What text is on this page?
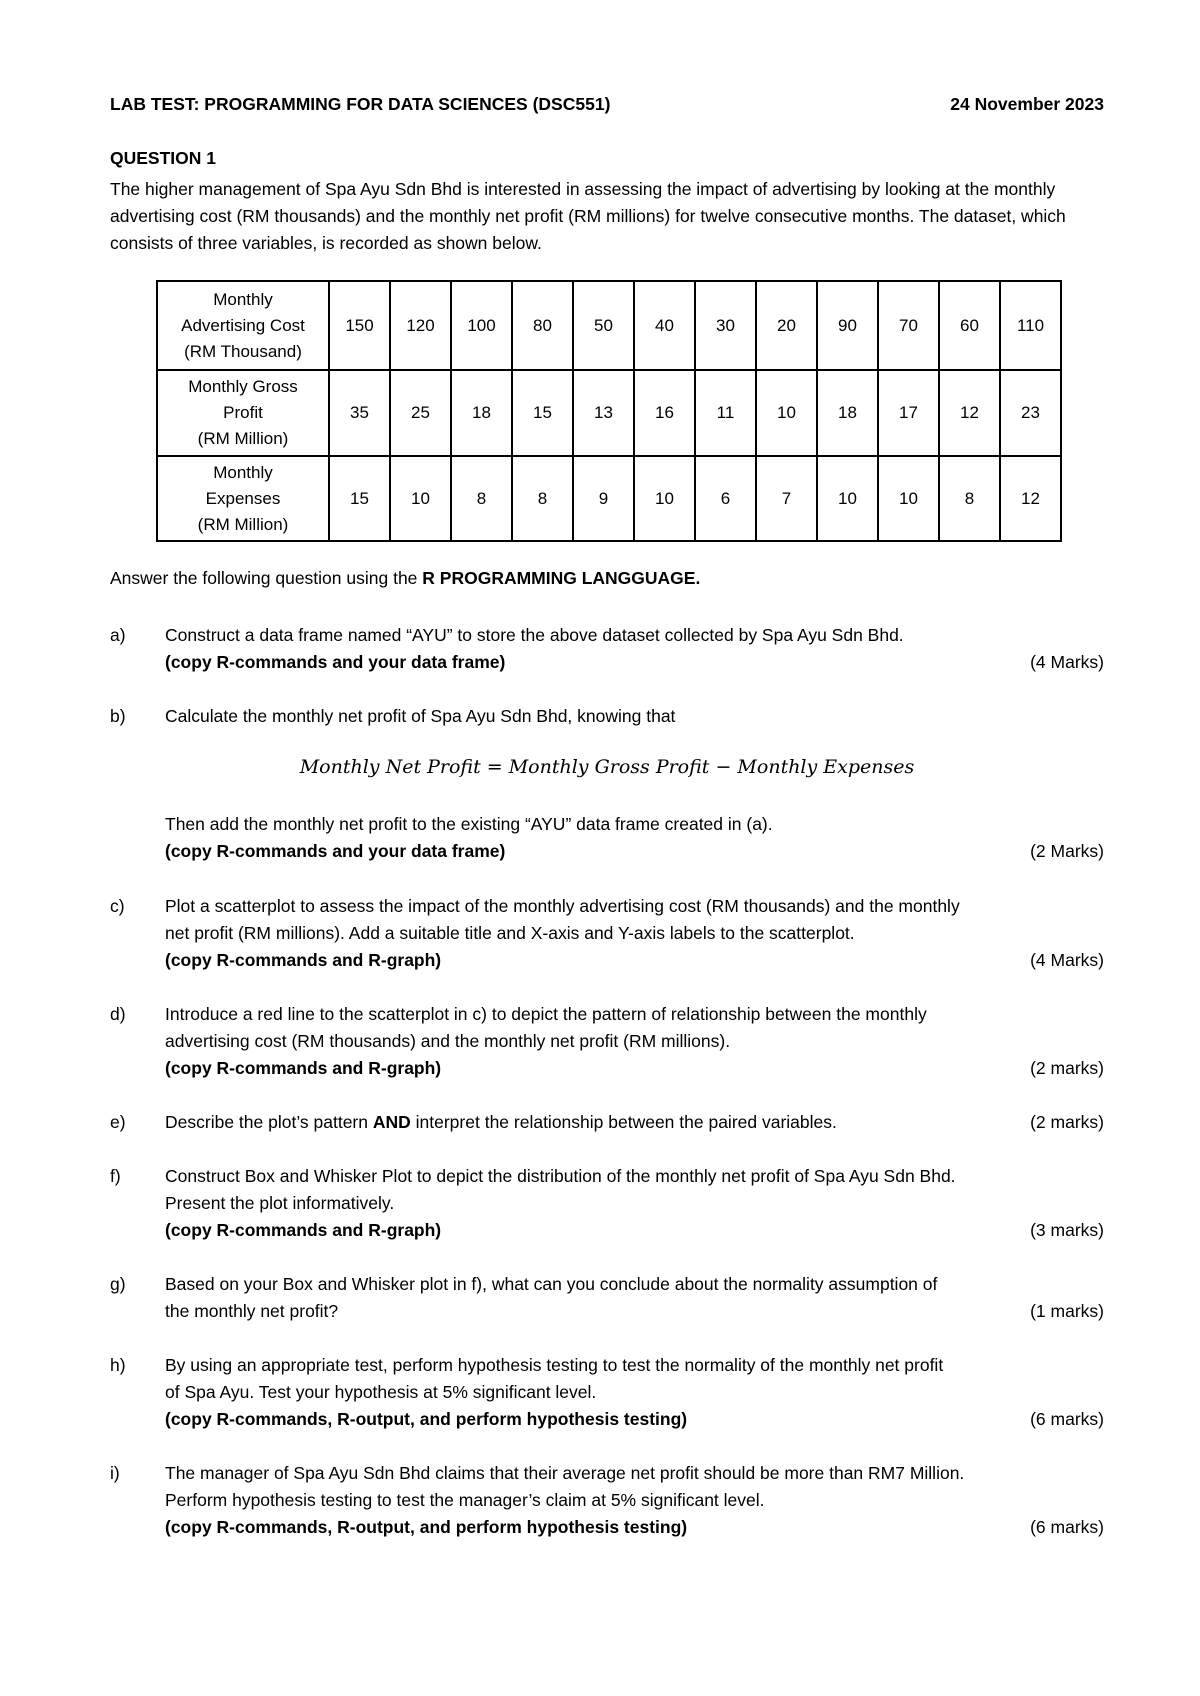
LAB TEST: PROGRAMMING FOR DATA SCIENCES (DSC551)	24 November 2023
QUESTION 1

The higher management of Spa Ayu Sdn Bhd is interested in assessing the impact of advertising by looking at the monthly advertising cost (RM thousands) and the monthly net profit (RM millions) for twelve consecutive months. The dataset, which consists of three variables, is recorded as shown below.

Monthly
Advertising Cost
(RM Thousand)	150	120	100	80	50	40	30	20	90	70	60	110

Monthly Gross
Profit
(RM Million)	35	25	18	15	13	16	11	10	18	17	12	23

Monthly
Expenses
(RM Million)	15	10	8	8	9	10	6	7	10	10	8	12
Answer the following question using the R PROGRAMMING LANGGUAGE.
a) Construct a data frame named “AYU” to store the above dataset collected by Spa Ayu Sdn Bhd.
(copy R-commands and your data frame)	(4 Marks)
b) Calculate the monthly net profit of Spa Ayu Sdn Bhd, knowing that
Monthly Net Profit = Monthly Gross Profit − Monthly Expenses
Then add the monthly net profit to the existing “AYU” data frame created in (a).
(copy R-commands and your data frame)	(2 Marks)
c) Plot a scatterplot to assess the impact of the monthly advertising cost (RM thousands) and the monthly
net profit (RM millions). Add a suitable title and X-axis and Y-axis labels to the scatterplot.
(copy R-commands and R-graph)	(4 Marks)
d) Introduce a red line to the scatterplot in c) to depict the pattern of relationship between the monthly
advertising cost (RM thousands) and the monthly net profit (RM millions).
(copy R-commands and R-graph)	(2 marks)
e) Describe the plot’s pattern AND interpret the relationship between the paired variables.	(2 marks)
f)	Construct Box and Whisker Plot to depict the distribution of the monthly net profit of Spa Ayu Sdn Bhd.
Present the plot informatively.
(copy R-commands and R-graph)	(3 marks)
g) Based on your Box and Whisker plot in f), what can you conclude about the normality assumption of
the monthly net profit?	(1 marks)
h) By using an appropriate test, perform hypothesis testing to test the normality of the monthly net profit
of Spa Ayu. Test your hypothesis at 5% significant level.
(copy R-commands, R-output, and perform hypothesis testing)	(6 marks)
i)	The manager of Spa Ayu Sdn Bhd claims that their average net profit should be more than RM7 Million.
Perform hypothesis testing to test the manager’s claim at 5% significant level.
(copy R-commands, R-output, and perform hypothesis testing)	(6 marks)
